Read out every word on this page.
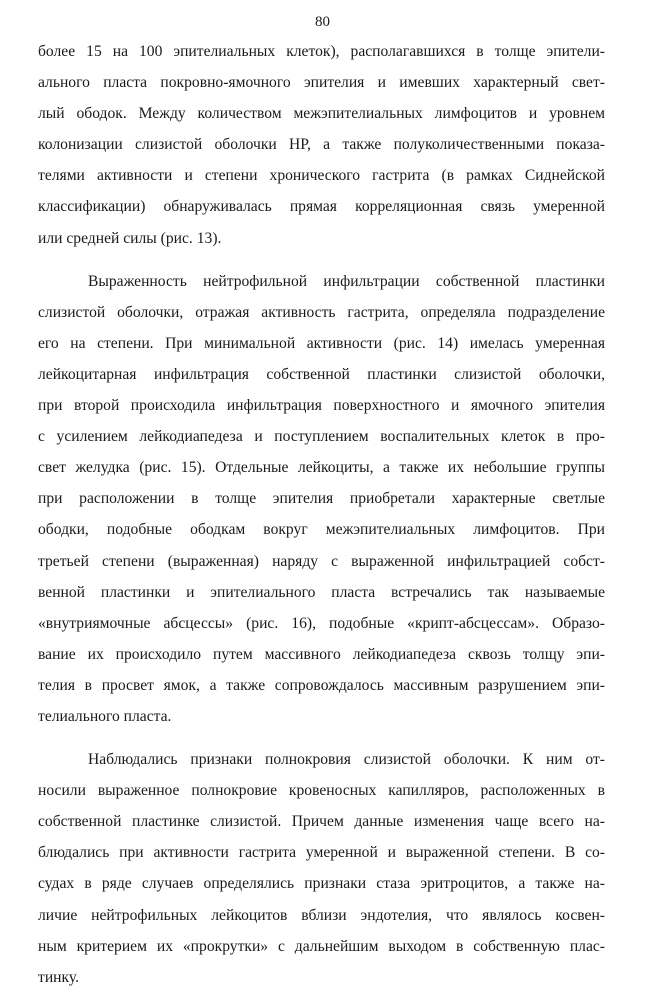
80
более 15 на 100 эпителиальных клеток), располагавшихся в толще эпители-
ального пласта покровно-ямочного эпителия и имевших характерный свет-
лый ободок. Между количеством межэпителиальных лимфоцитов и уровнем
колонизации слизистой оболочки НР, а также полуколичественными показа-
телями активности и степени хронического гастрита (в рамках Сиднейской
классификации) обнаруживалась прямая корреляционная связь умеренной
или средней силы (рис. 13).
Выраженность нейтрофильной инфильтрации собственной пластинки
слизистой оболочки, отражая активность гастрита, определяла подразделение
его на степени. При минимальной активности (рис. 14) имелась умеренная
лейкоцитарная инфильтрация собственной пластинки слизистой оболочки,
при второй происходила инфильтрация поверхностного и ямочного эпителия
с усилением лейкодиапедеза и поступлением воспалительных клеток в про-
свет желудка (рис. 15). Отдельные лейкоциты, а также их небольшие группы
при расположении в толще эпителия приобретали характерные светлые
ободки, подобные ободкам вокруг межэпителиальных лимфоцитов. При
третьей степени (выраженная) наряду с выраженной инфильтрацией собст-
венной пластинки и эпителиального пласта встречались так называемые
«внутриямочные абсцессы» (рис. 16), подобные «крипт-абсцессам». Образо-
вание их происходило путем массивного лейкодиапедеза сквозь толщу эпи-
телия в просвет ямок, а также сопровождалось массивным разрушением эпи-
телиального пласта.
Наблюдались признаки полнокровия слизистой оболочки. К ним от-
носили выраженное полнокровие кровеносных капилляров, расположенных в
собственной пластинке слизистой. Причем данные изменения чаще всего на-
блюдались при активности гастрита умеренной и выраженной степени. В со-
судах в ряде случаев определялись признаки стаза эритроцитов, а также на-
личие нейтрофильных лейкоцитов вблизи эндотелия, что являлось косвен-
ным критерием их «прокрутки» с дальнейшим выходом в собственную плас-
тинку.
